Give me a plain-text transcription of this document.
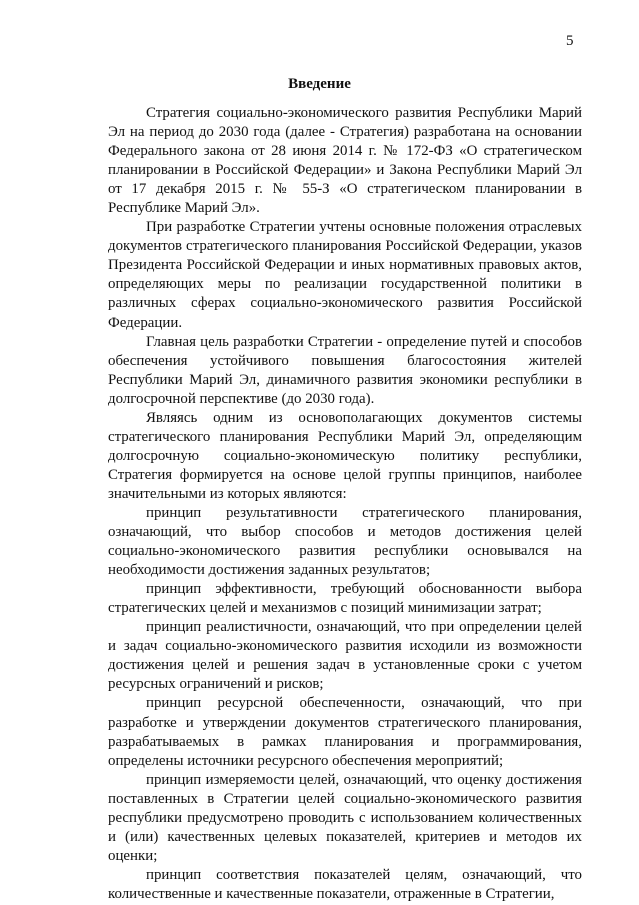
5
Введение

Стратегия социально-экономического развития Республики Марий Эл на период до 2030 года (далее - Стратегия) разработана на основании Федерального закона от 28 июня 2014 г. № 172-ФЗ «О стратегическом планировании в Российской Федерации» и Закона Республики Марий Эл от 17 декабря 2015 г. № 55-З «О стратегическом планировании в Республике Марий Эл».

При разработке Стратегии учтены основные положения отраслевых документов стратегического планирования Российской Федерации, указов Президента Российской Федерации и иных нормативных правовых актов, определяющих меры по реализации государственной политики в различных сферах социально-экономического развития Российской Федерации.

Главная цель разработки Стратегии - определение путей и способов обеспечения устойчивого повышения благосостояния жителей Республики Марий Эл, динамичного развития экономики республики в долгосрочной перспективе (до 2030 года).

Являясь одним из основополагающих документов системы стратегического планирования Республики Марий Эл, определяющим долгосрочную социально-экономическую политику республики, Стратегия формируется на основе целой группы принципов, наиболее значительными из которых являются:

принцип результативности стратегического планирования, означающий, что выбор способов и методов достижения целей социально-экономического развития республики основывался на необходимости достижения заданных результатов;

принцип эффективности, требующий обоснованности выбора стратегических целей и механизмов с позиций минимизации затрат;

принцип реалистичности, означающий, что при определении целей и задач социально-экономического развития исходили из возможности достижения целей и решения задач в установленные сроки с учетом ресурсных ограничений и рисков;

принцип ресурсной обеспеченности, означающий, что при разработке и утверждении документов стратегического планирования, разрабатываемых в рамках планирования и программирования, определены источники ресурсного обеспечения мероприятий;

принцип измеряемости целей, означающий, что оценку достижения поставленных в Стратегии целей социально-экономического развития республики предусмотрено проводить с использованием количественных и (или) качественных целевых показателей, критериев и методов их оценки;

принцип соответствия показателей целям, означающий, что количественные и качественные показатели, отраженные в Стратегии,
